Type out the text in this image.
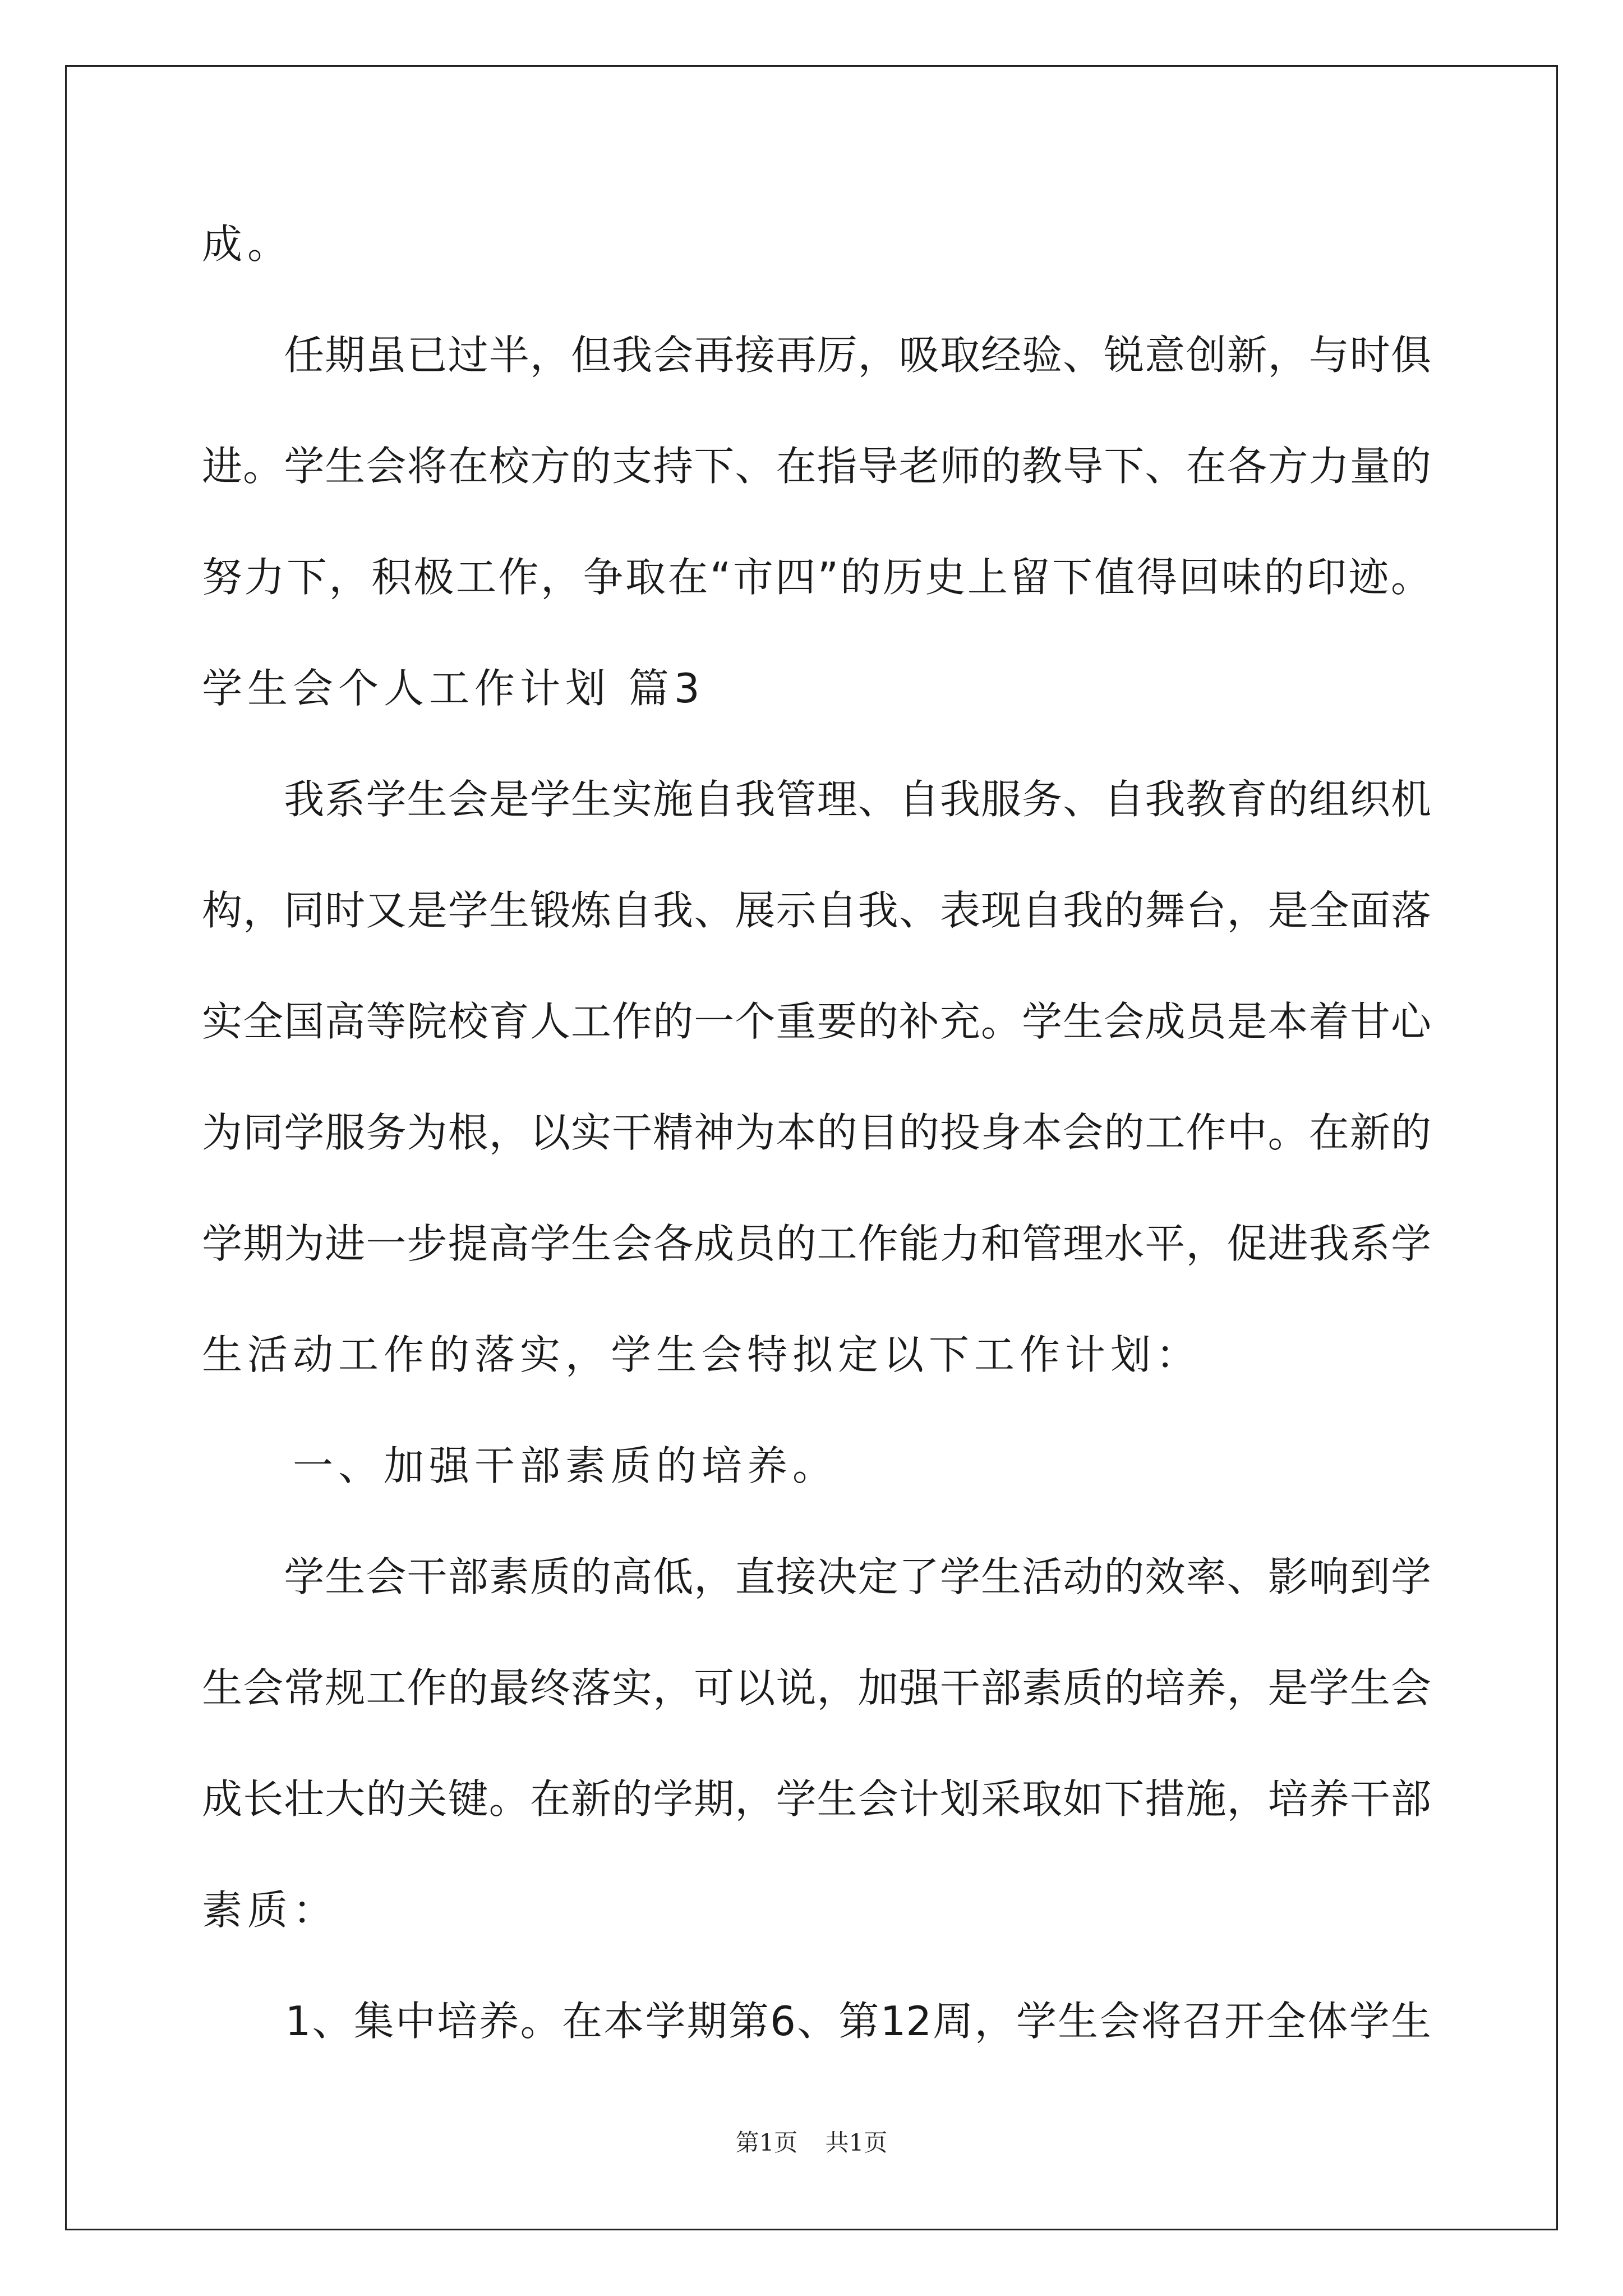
成。
　　任期虽已过半，但我会再接再厉，吸取经验、锐意创新，与时俱
进。学生会将在校方的支持下、在指导老师的教导下、在各方力量的
努力下，积极工作，争取在“市四”的历史上留下值得回味的印迹。
学生会个人工作计划 篇3
　　我系学生会是学生实施自我管理、自我服务、自我教育的组织机
构，同时又是学生锻炼自我、展示自我、表现自我的舞台，是全面落
实全国高等院校育人工作的一个重要的补充。学生会成员是本着甘心
为同学服务为根，以实干精神为本的目的投身本会的工作中。在新的
学期为进一步提高学生会各成员的工作能力和管理水平，促进我系学
生活动工作的落实，学生会特拟定以下工作计划：
　　一、加强干部素质的培养。
　　学生会干部素质的高低，直接决定了学生活动的效率、影响到学
生会常规工作的最终落实，可以说，加强干部素质的培养，是学生会
成长壮大的关键。在新的学期，学生会计划采取如下措施，培养干部
素质：
　　1、集中培养。在本学期第6、第12周，学生会将召开全体学生
第1页 共1页
